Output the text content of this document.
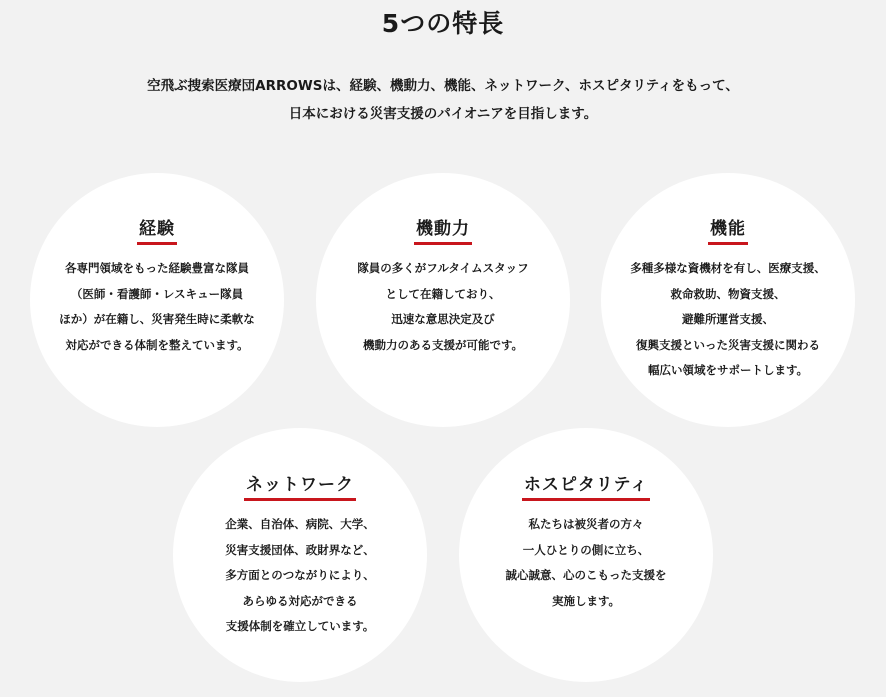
5つの特長

空飛ぶ捜索医療団ARROWSは、経験、機動力、機能、ネットワーク、ホスピタリティをもって、

日本における災害支援のパイオニアを目指します。

経験
各専門領域をもった経験豊富な隊員
（医師・看護師・レスキュー隊員
ほか）が在籍し、災害発生時に柔軟な
対応ができる体制を整えています。
機動力
隊員の多くがフルタイムスタッフ
として在籍しており、
迅速な意思決定及び
機動力のある支援が可能です。
機能
多種多様な資機材を有し、医療支援、
救命救助、物資支援、
避難所運営支援、
復興支援といった災害支援に関わる
幅広い領域をサポートします。
ネットワーク
企業、自治体、病院、大学、
災害支援団体、政財界など、
多方面とのつながりにより、
あらゆる対応ができる
支援体制を確立しています。
ホスピタリティ
私たちは被災者の方々
一人ひとりの側に立ち、
誠心誠意、心のこもった支援を
実施します。
